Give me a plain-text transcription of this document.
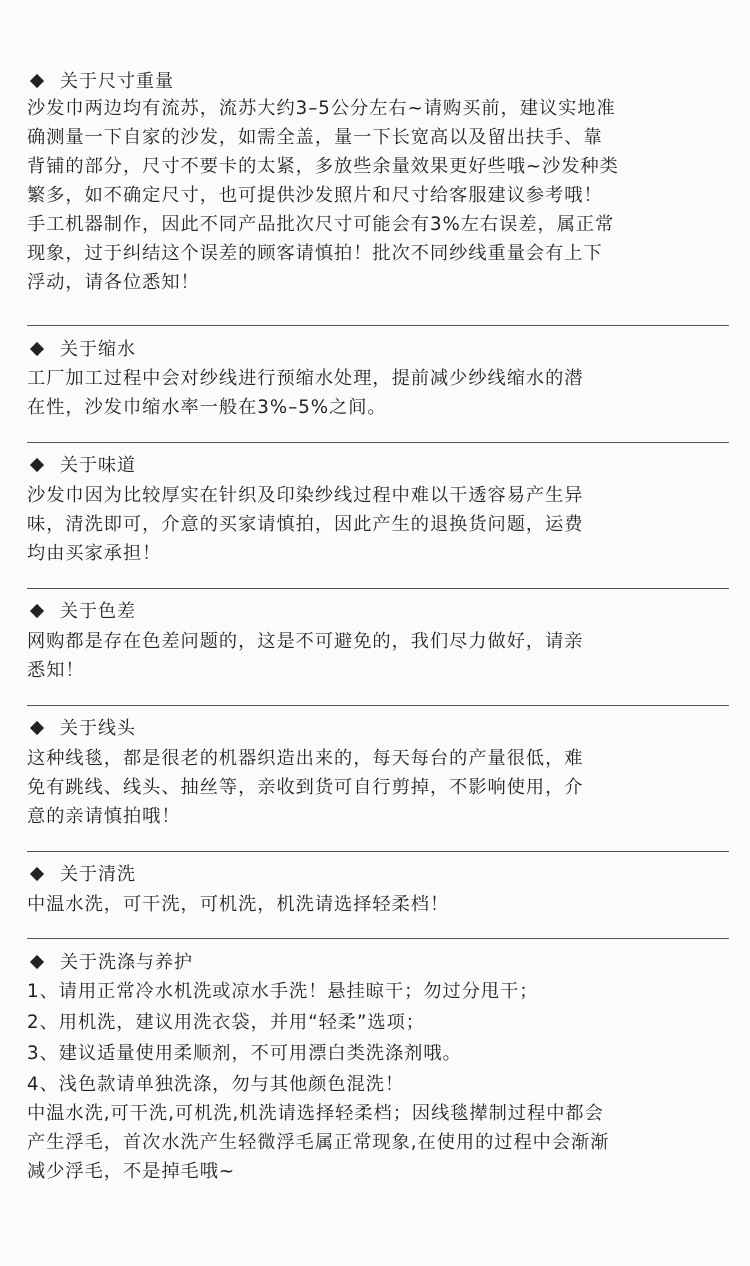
关于尺寸重量
沙发巾两边均有流苏，流苏大约3–5公分左右~请购买前，建议实地准
确测量一下自家的沙发，如需全盖，量一下长宽高以及留出扶手、靠
背铺的部分，尺寸不要卡的太紧，多放些余量效果更好些哦~沙发种类
繁多，如不确定尺寸，也可提供沙发照片和尺寸给客服建议参考哦！
手工机器制作，因此不同产品批次尺寸可能会有3%左右误差，属正常
现象，过于纠结这个误差的顾客请慎拍！批次不同纱线重量会有上下
浮动，请各位悉知！
关于缩水
工厂加工过程中会对纱线进行预缩水处理，提前减少纱线缩水的潜
在性，沙发巾缩水率一般在3%–5%之间。
关于味道
沙发巾因为比较厚实在针织及印染纱线过程中难以干透容易产生异
味，清洗即可，介意的买家请慎拍，因此产生的退换货问题，运费
均由买家承担！
关于色差
网购都是存在色差问题的，这是不可避免的，我们尽力做好，请亲
悉知！
关于线头
这种线毯，都是很老的机器织造出来的，每天每台的产量很低，难
免有跳线、线头、抽丝等，亲收到货可自行剪掉，不影响使用，介
意的亲请慎拍哦！
关于清洗
中温水洗，可干洗，可机洗，机洗请选择轻柔档！
关于洗涤与养护
1、请用正常冷水机洗或凉水手洗！悬挂晾干；勿过分甩干；
2、用机洗，建议用洗衣袋，并用“轻柔”选项；
3、建议适量使用柔顺剂，不可用漂白类洗涤剂哦。
4、浅色款请单独洗涤，勿与其他颜色混洗！
中温水洗,可干洗,可机洗,机洗请选择轻柔档；因线毯撵制过程中都会
产生浮毛，首次水洗产生轻微浮毛属正常现象,在使用的过程中会渐渐
减少浮毛，不是掉毛哦~
